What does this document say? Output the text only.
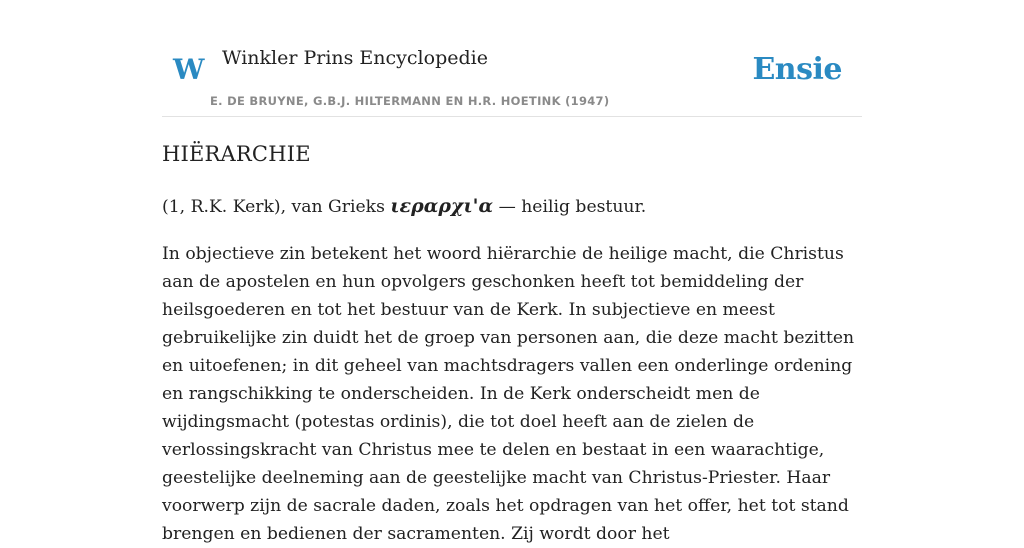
W Winkler Prins Encyclopedie
E. DE BRUYNE, G.B.J. HILTERMANN EN H.R. HOETINK (1947)
Ensie
HIËRARCHIE

(1, R.K. Kerk), van Grieks ιεραρχι'α — heilig bestuur.

In objectieve zin betekent het woord hiërarchie de heilige macht, die Christus aan de apostelen en hun opvolgers geschonken heeft tot bemiddeling der heilsgoederen en tot het bestuur van de Kerk. In subjectieve en meest gebruikelijke zin duidt het de groep van personen aan, die deze macht bezitten en uitoefenen; in dit geheel van machtsdragers vallen een onderlinge ordening en rangschikking te onderscheiden. In de Kerk onderscheidt men de wijdingsmacht (potestas ordinis), die tot doel heeft aan de zielen de verlossingskracht van Christus mee te delen en bestaat in een waarachtige, geestelijke deelneming aan de geestelijke macht van Christus-Priester. Haar voorwerp zijn de sacrale daden, zoals het opdragen van het offer, het tot stand brengen en bedienen der sacramenten. Zij wordt door het
